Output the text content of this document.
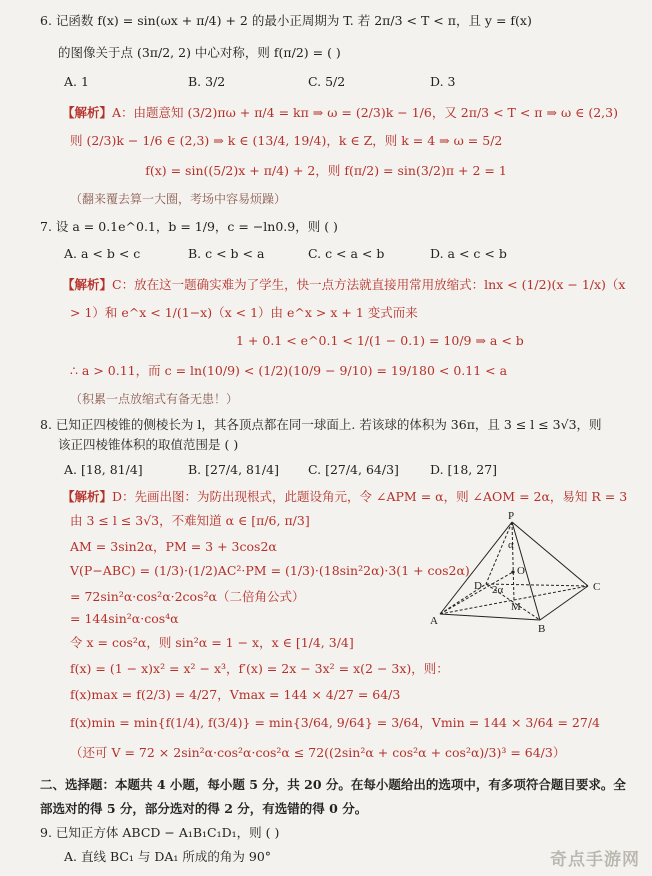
6. 记函数 f(x) = sin(ωx + π/4) + 2 的最小正周期为 T. 若 2π/3 < T < π，且 y = f(x)
的图像关于点 (3π/2, 2) 中心对称，则 f(π/2) = ( )
A. 1	B. 3/2	C. 5/2	D. 3
【解析】A：由题意知 (3/2)πω + π/4 = kπ ⇒ ω = (2/3)k − 1/6，又 2π/3 < T < π ⇒ ω ∈ (2,3)
则 (2/3)k − 1/6 ∈ (2,3) ⇒ k ∈ (13/4, 19/4)，k ∈ Z，则 k = 4 ⇒ ω = 5/2
f(x) = sin((5/2)x + π/4) + 2，则 f(π/2) = sin(3/2)π + 2 = 1
（翻来覆去算一大圈，考场中容易烦躁）
7. 设 a = 0.1e^0.1，b = 1/9，c = −ln0.9，则 ( )
A. a < b < c	B. c < b < a	C. c < a < b	D. a < c < b
【解析】C：放在这一题确实难为了学生，快一点方法就直接用常用放缩式：lnx < (1/2)(x − 1/x)（x
> 1）和 e^x < 1/(1−x)（x < 1）由 e^x > x + 1 变式而来
1 + 0.1 < e^0.1 < 1/(1 − 0.1) = 10/9 ⇒ a < b
∴ a > 0.11，而 c = ln(10/9) < (1/2)(10/9 − 9/10) = 19/180 < 0.11 < a
（积累一点放缩式有备无患！）
8. 已知正四棱锥的侧棱长为 l，其各顶点都在同一球面上. 若该球的体积为 36π，且 3 ≤ l ≤ 3√3，则
该正四棱锥体积的取值范围是 ( )
A. [18, 81/4]	B. [27/4, 81/4] C. [27/4, 64/3] D. [18, 27]
【解析】D：先画出图：为防出现根式，此题设角元，令 ∠APM = α，则 ∠AOM = 2α，易知 R = 3
由 3 ≤ l ≤ 3√3，不难知道 α ∈ [π/6, π/3]
AM = 3sin2α，PM = 3 + 3cos2α
V(P−ABC) = (1/3)·(1/2)AC²·PM = (1/3)·(18sin²2α)·3(1 + cos2α)
= 72sin²α·cos²α·2cos²α（二倍角公式）
= 144sin²α·cos⁴α
令 x = cos²α，则 sin²α = 1 − x，x ∈ [1/4, 3/4]
f(x) = (1 − x)x² = x² − x³，f′(x) = 2x − 3x² = x(2 − 3x)，则：
f(x)max = f(2/3) = 4/27，Vmax = 144 × 4/27 = 64/3
f(x)min = min{f(1/4), f(3/4)} = min{3/64, 9/64} = 3/64，Vmin = 144 × 3/64 = 27/4
（还可 V = 72 × 2sin²α·cos²α·cos²α ≤ 72((2sin²α + cos²α + cos²α)/3)³ = 64/3）
P
α
O
D 2α
M
A
B
C
二、选择题：本题共 4 小题，每小题 5 分，共 20 分。在每小题给出的选项中，有多项符合题目要求。全
部选对的得 5 分，部分选对的得 2 分，有选错的得 0 分。
9. 已知正方体 ABCD − A₁B₁C₁D₁，则 ( )
A. 直线 BC₁ 与 DA₁ 所成的角为 90°	奇点手游网
